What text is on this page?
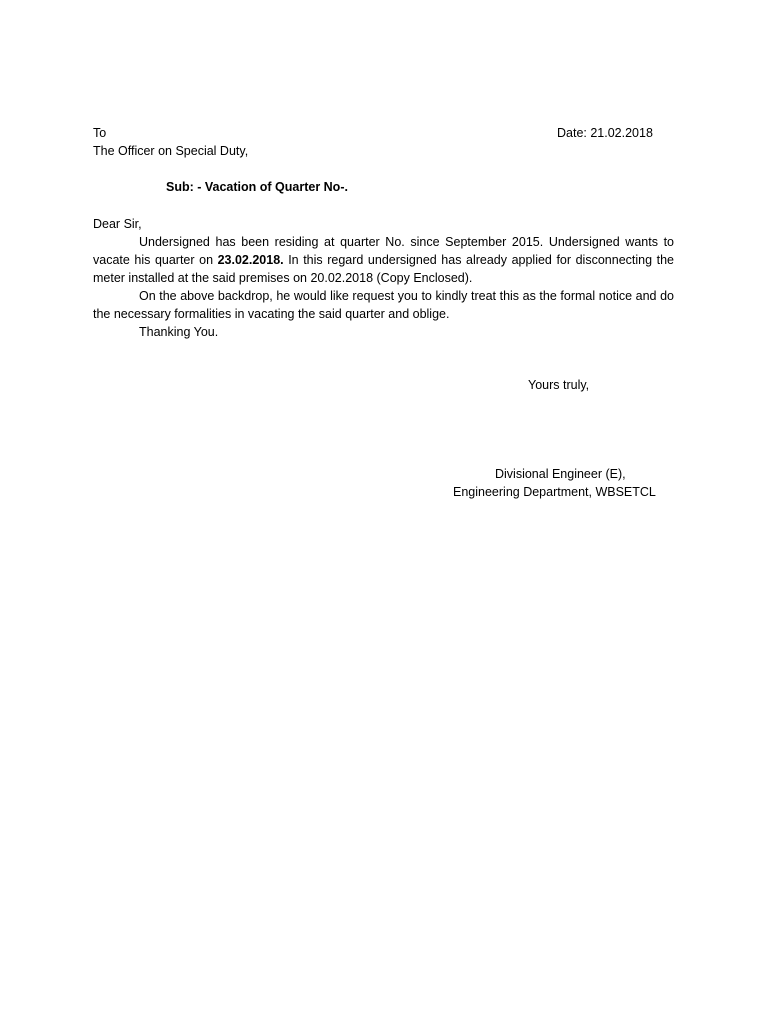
To	Date: 21.02.2018

The Officer on Special Duty,

Sub: - Vacation of Quarter No-.

Dear Sir,

Undersigned has been residing at quarter No. since September 2015. Undersigned wants to vacate his quarter on 23.02.2018. In this regard undersigned has already applied for disconnecting the meter installed at the said premises on 20.02.2018 (Copy Enclosed).

On the above backdrop, he would like request you to kindly treat this as the formal notice and do the necessary formalities in vacating the said quarter and oblige.

Thanking You.

Yours truly,

Divisional Engineer (E),

Engineering Department, WBSETCL
